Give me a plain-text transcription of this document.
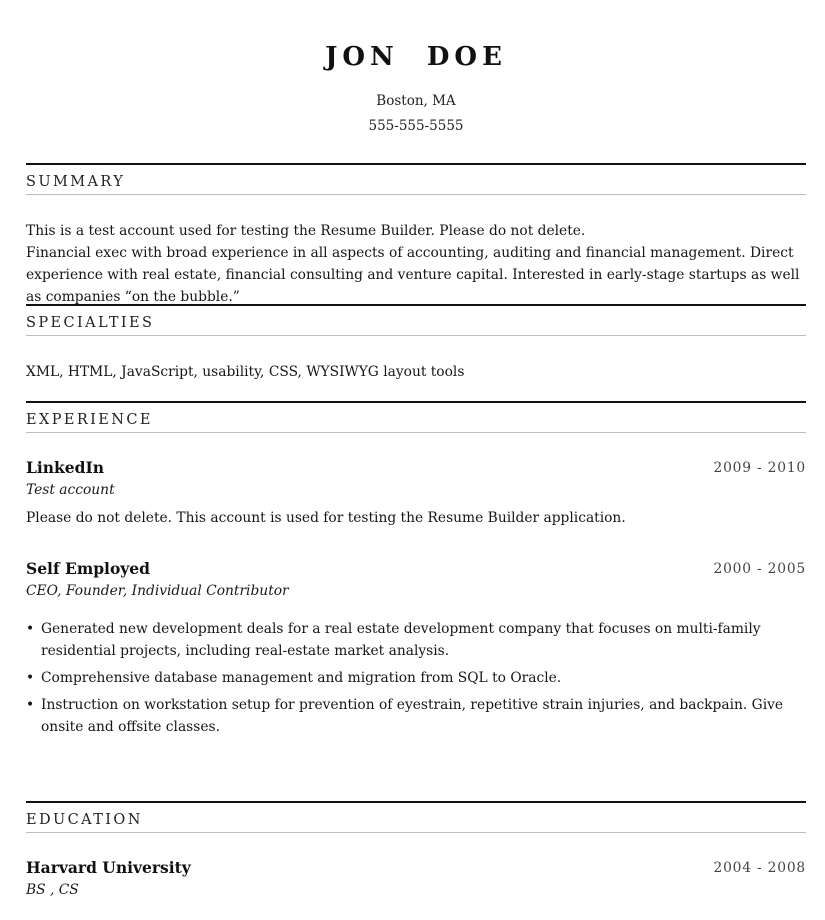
JON DOE
Boston, MA
555-555-5555
SUMMARY
This is a test account used for testing the Resume Builder. Please do not delete.
Financial exec with broad experience in all aspects of accounting, auditing and financial management. Direct experience with real estate, financial consulting and venture capital. Interested in early-stage startups as well as companies “on the bubble.”
SPECIALTIES
XML, HTML, JavaScript, usability, CSS, WYSIWYG layout tools
EXPERIENCE
LinkedIn	2009 - 2010
Test account
Please do not delete. This account is used for testing the Resume Builder application.
Self Employed	2000 - 2005
CEO, Founder, Individual Contributor
• Generated new development deals for a real estate development company that focuses on multi-family residential projects, including real-estate market analysis.
• Comprehensive database management and migration from SQL to Oracle.
• Instruction on workstation setup for prevention of eyestrain, repetitive strain injuries, and backpain. Give onsite and offsite classes.
EDUCATION
Harvard University	2004 - 2008
BS , CS
